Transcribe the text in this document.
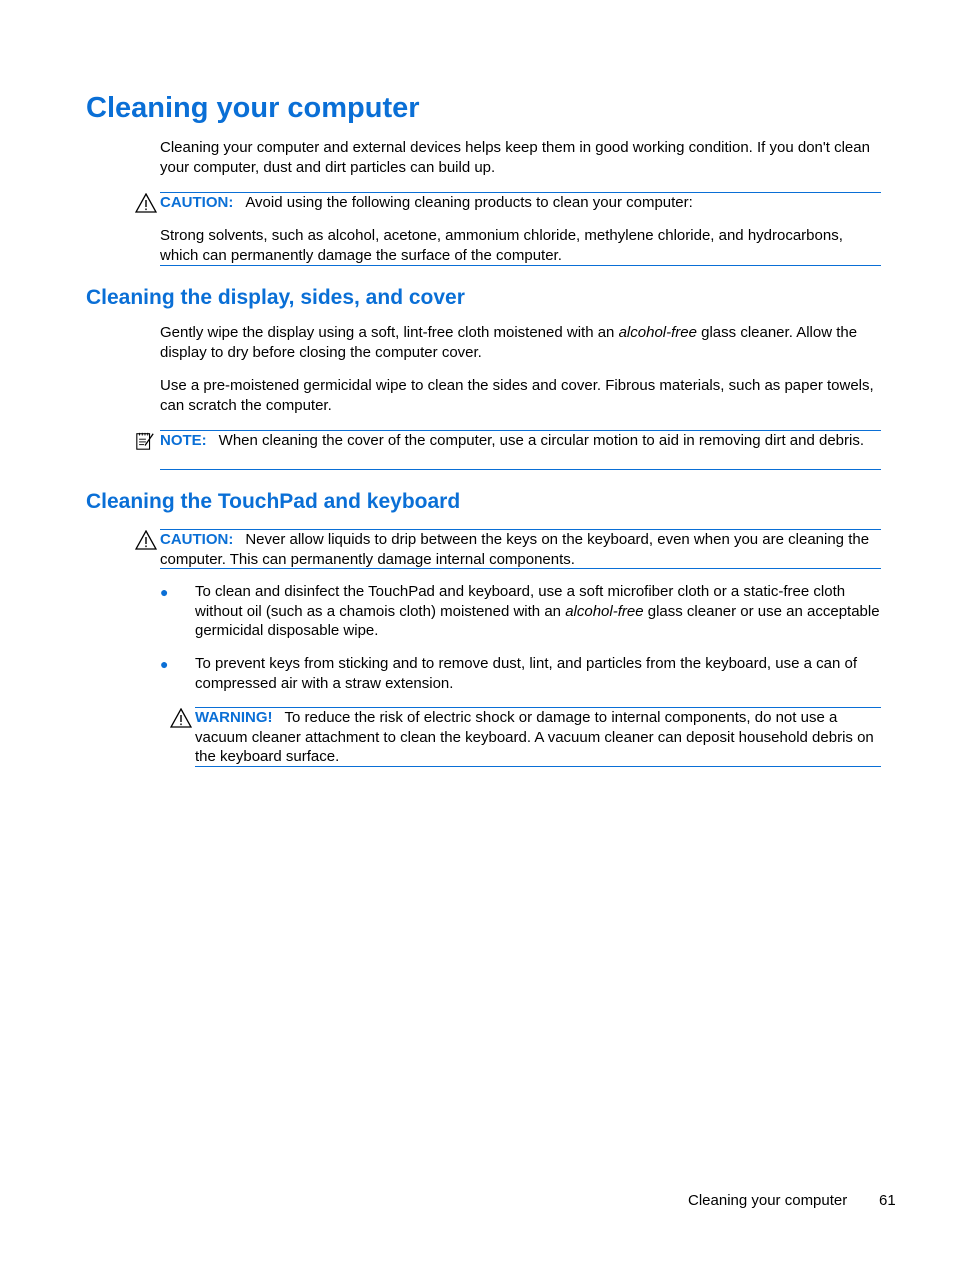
Cleaning your computer

Cleaning your computer and external devices helps keep them in good working condition. If you don't clean your computer, dust and dirt particles can build up.

CAUTION: Avoid using the following cleaning products to clean your computer:
Strong solvents, such as alcohol, acetone, ammonium chloride, methylene chloride, and hydrocarbons, which can permanently damage the surface of the computer.
Cleaning the display, sides, and cover

Gently wipe the display using a soft, lint-free cloth moistened with an alcohol-free glass cleaner. Allow the display to dry before closing the computer cover.

Use a pre-moistened germicidal wipe to clean the sides and cover. Fibrous materials, such as paper towels, can scratch the computer.

NOTE: When cleaning the cover of the computer, use a circular motion to aid in removing dirt and debris.
Cleaning the TouchPad and keyboard
CAUTION: Never allow liquids to drip between the keys on the keyboard, even when you are cleaning the computer. This can permanently damage internal components.
● To clean and disinfect the TouchPad and keyboard, use a soft microfiber cloth or a static-free cloth without oil (such as a chamois cloth) moistened with an alcohol-free glass cleaner or use an acceptable germicidal disposable wipe.

● To prevent keys from sticking and to remove dust, lint, and particles from the keyboard, use a can of compressed air with a straw extension.

WARNING! To reduce the risk of electric shock or damage to internal components, do not use a vacuum cleaner attachment to clean the keyboard. A vacuum cleaner can deposit household debris on the keyboard surface.
Cleaning your computer 61
